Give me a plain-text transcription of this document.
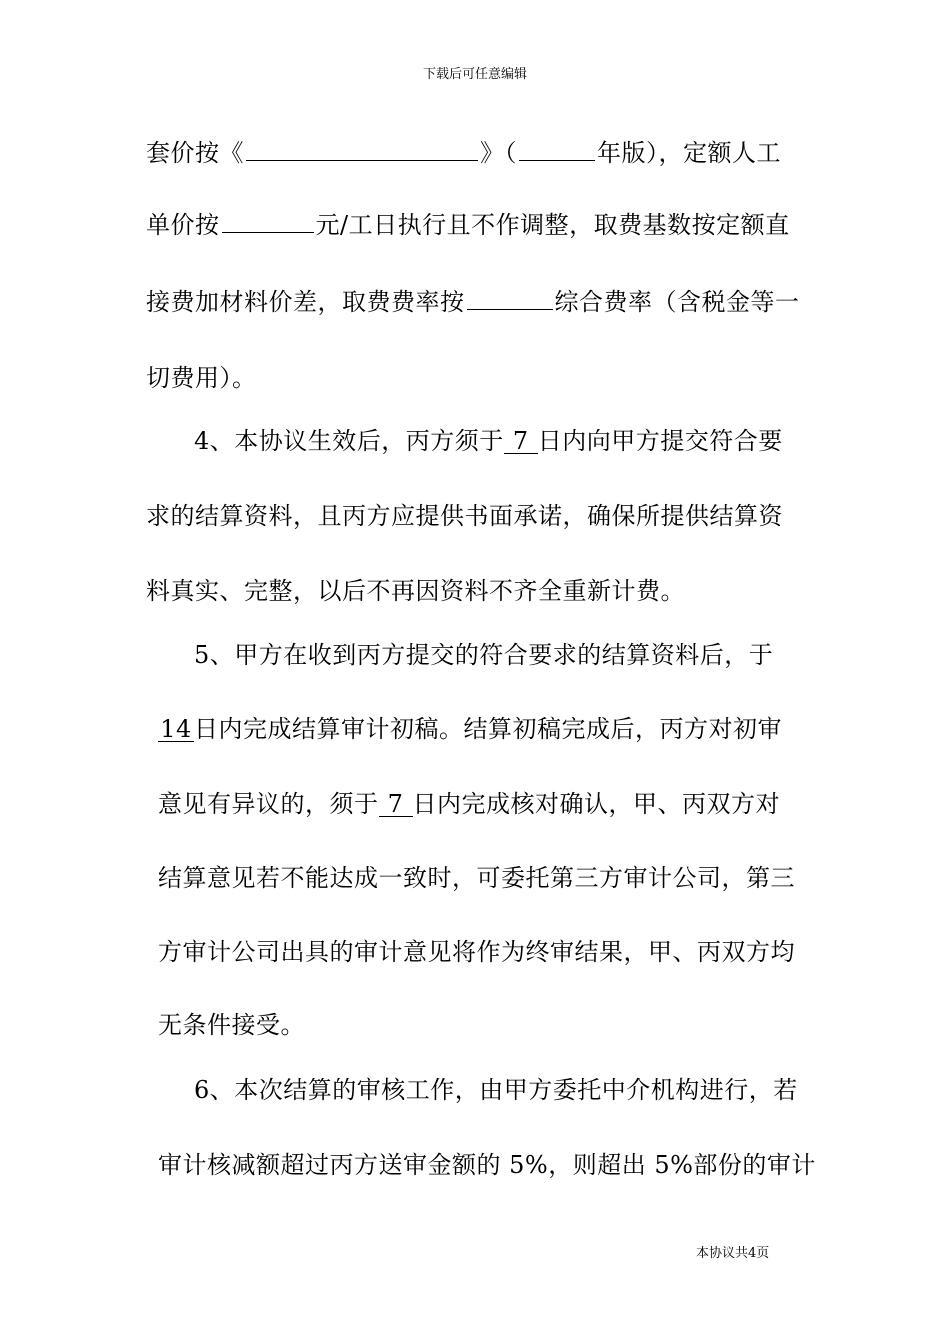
下载后可任意编辑
套价按《	》（	年版），定额人工
单价按	元/工日执行且不作调整，取费基数按定额直
接费加材料价差，取费费率按	综合费率（含税金等一
切费用）。
4、本协议生效后，丙方须于 7 日内向甲方提交符合要
求的结算资料，且丙方应提供书面承诺，确保所提供结算资
料真实、完整，以后不再因资料不齐全重新计费。
5、甲方在收到丙方提交的符合要求的结算资料后，于
14日内完成结算审计初稿。结算初稿完成后，丙方对初审
意见有异议的，须于 7 日内完成核对确认，甲、丙双方对
结算意见若不能达成一致时，可委托第三方审计公司，第三
方审计公司出具的审计意见将作为终审结果，甲、丙双方均
无条件接受。
6、本次结算的审核工作，由甲方委托中介机构进行，若
审计核减额超过丙方送审金额的 5%，则超出 5%部份的审计
本协议共4页
